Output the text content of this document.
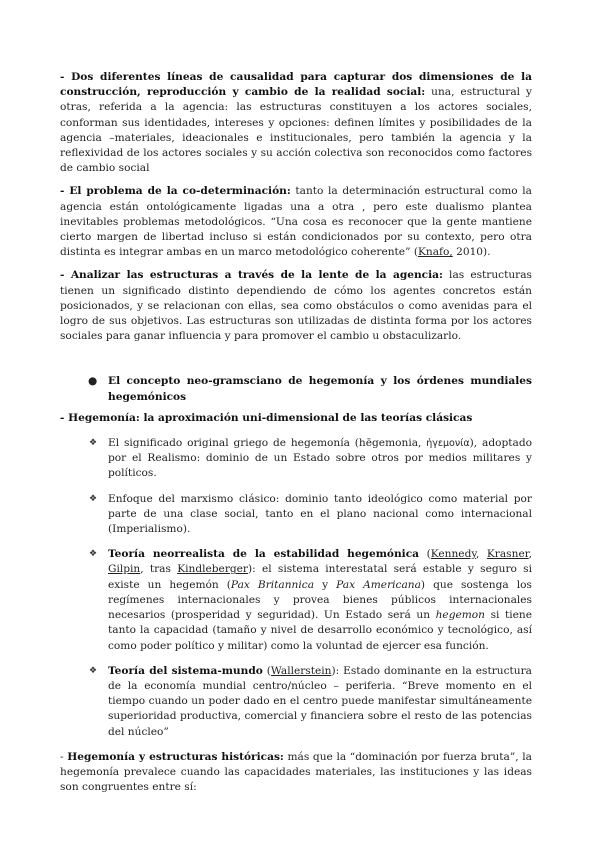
- Dos diferentes líneas de causalidad para capturar dos dimensiones de la construcción, reproducción y cambio de la realidad social: una, estructural y otras, referida a la agencia: las estructuras constituyen a los actores sociales, conforman sus identidades, intereses y opciones: definen límites y posibilidades de la agencia –materiales, ideacionales e institucionales, pero también la agencia y la reflexividad de los actores sociales y su acción colectiva son reconocidos como factores de cambio social

- El problema de la co-determinación: tanto la determinación estructural como la agencia están ontológicamente ligadas una a otra , pero este dualismo plantea inevitables problemas metodológicos. “Una cosa es reconocer que la gente mantiene cierto margen de libertad incluso si están condicionados por su contexto, pero otra distinta es integrar ambas en un marco metodológico coherente” (Knafo, 2010).

- Analizar las estructuras a través de la lente de la agencia: las estructuras tienen un significado distinto dependiendo de cómo los agentes concretos están posicionados, y se relacionan con ellas, sea como obstáculos o como avenidas para el logro de sus objetivos. Las estructuras son utilizadas de distinta forma por los actores sociales para ganar influencia y para promover el cambio u obstaculizarlo.

● El concepto neo-gramsciano de hegemonía y los órdenes mundiales hegemónicos

- Hegemonía: la aproximación uni-dimensional de las teorías clásicas

❖ El significado original griego de hegemonía (hēgemonia, ἡγεμονία), adoptado por el Realismo: dominio de un Estado sobre otros por medios militares y políticos.

❖ Enfoque del marxismo clásico: dominio tanto ideológico como material por parte de una clase social, tanto en el plano nacional como internacional (Imperialismo).

❖ Teoría neorrealista de la estabilidad hegemónica (Kennedy, Krasner, Gilpin, tras Kindleberger): el sistema interestatal será estable y seguro si existe un hegemón (Pax Britannica y Pax Americana) que sostenga los regímenes internacionales y provea bienes públicos internacionales necesarios (prosperidad y seguridad). Un Estado será un hegemon si tiene tanto la capacidad (tamaño y nivel de desarrollo económico y tecnológico, así como poder político y militar) como la voluntad de ejercer esa función.

❖ Teoría del sistema-mundo (Wallerstein): Estado dominante en la estructura de la economía mundial centro/núcleo – periferia. “Breve momento en el tiempo cuando un poder dado en el centro puede manifestar simultáneamente superioridad productiva, comercial y financiera sobre el resto de las potencias del núcleo”

- Hegemonía y estructuras históricas: más que la “dominación por fuerza bruta”, la hegemonía prevalece cuando las capacidades materiales, las instituciones y las ideas son congruentes entre sí:
